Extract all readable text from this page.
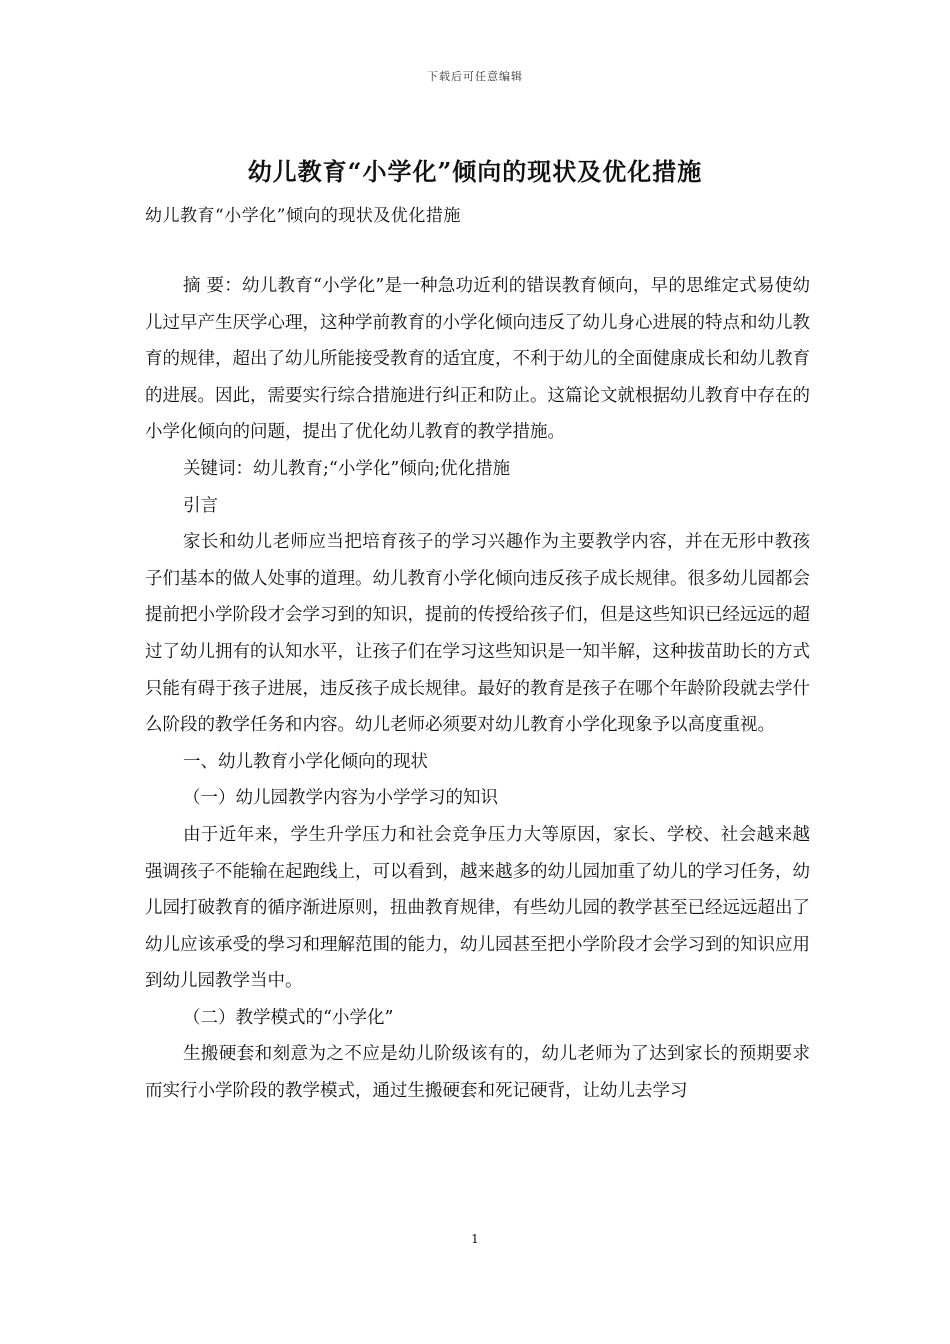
下载后可任意编辑
幼儿教育“小学化”倾向的现状及优化措施
幼儿教育“小学化”倾向的现状及优化措施

摘 要：幼儿教育“小学化”是一种急功近利的错误教育倾向，早的思维定式易使幼儿过早产生厌学心理，这种学前教育的小学化倾向违反了幼儿身心进展的特点和幼儿教育的规律，超出了幼儿所能接受教育的适宜度，不利于幼儿的全面健康成长和幼儿教育的进展。因此，需要实行综合措施进行纠正和防止。这篇论文就根据幼儿教育中存在的小学化倾向的问题，提出了优化幼儿教育的教学措施。

关键词：幼儿教育;“小学化”倾向;优化措施

引言

家长和幼儿老师应当把培育孩子的学习兴趣作为主要教学内容，并在无形中教孩子们基本的做人处事的道理。幼儿教育小学化倾向违反孩子成长规律。很多幼儿园都会提前把小学阶段才会学习到的知识，提前的传授给孩子们，但是这些知识已经远远的超过了幼儿拥有的认知水平，让孩子们在学习这些知识是一知半解，这种拔苗助长的方式只能有碍于孩子进展，违反孩子成长规律。最好的教育是孩子在哪个年龄阶段就去学什么阶段的教学任务和内容。幼儿老师必须要对幼儿教育小学化现象予以高度重视。

一、幼儿教育小学化倾向的现状

（一）幼儿园教学内容为小学学习的知识

由于近年来，学生升学压力和社会竞争压力大等原因，家长、学校、社会越来越强调孩子不能输在起跑线上，可以看到，越来越多的幼儿园加重了幼儿的学习任务，幼儿园打破教育的循序渐进原则，扭曲教育规律，有些幼儿园的教学甚至已经远远超出了幼儿应该承受的學习和理解范围的能力，幼儿园甚至把小学阶段才会学习到的知识应用到幼儿园教学当中。

（二）教学模式的“小学化”

生搬硬套和刻意为之不应是幼儿阶级该有的，幼儿老师为了达到家长的预期要求而实行小学阶段的教学模式，通过生搬硬套和死记硬背，让幼儿去学习

1
